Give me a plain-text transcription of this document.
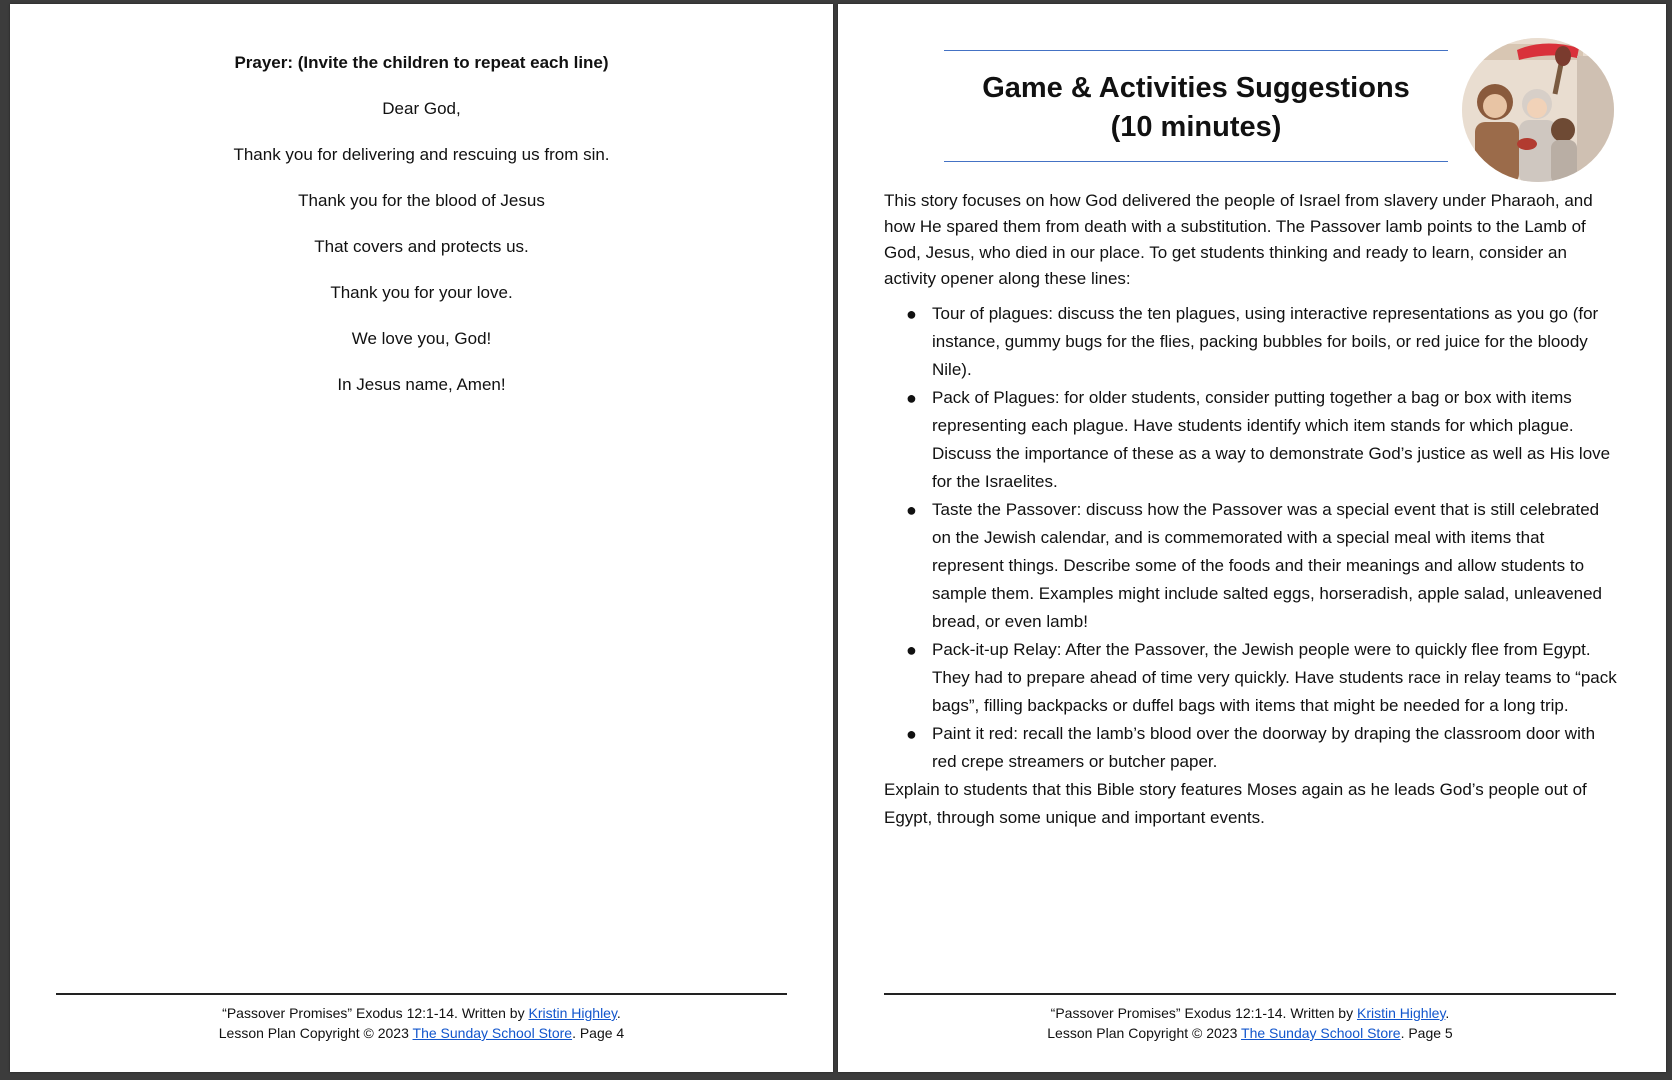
Prayer: (Invite the children to repeat each line)

Dear God,

Thank you for delivering and rescuing us from sin.

Thank you for the blood of Jesus

That covers and protects us.

Thank you for your love.

We love you, God!

In Jesus name, Amen!

“Passover Promises” Exodus 12:1-14. Written by Kristin Highley.
Lesson Plan Copyright © 2023 The Sunday School Store. Page 4
Game & Activities Suggestions
(10 minutes)

This story focuses on how God delivered the people of Israel from slavery under Pharaoh, and how He spared them from death with a substitution. The Passover lamb points to the Lamb of God, Jesus, who died in our place. To get students thinking and ready to learn, consider an activity opener along these lines:

● Tour of plagues: discuss the ten plagues, using interactive representations as you go (for instance, gummy bugs for the flies, packing bubbles for boils, or red juice for the bloody Nile).
● Pack of Plagues: for older students, consider putting together a bag or box with items representing each plague. Have students identify which item stands for which plague. Discuss the importance of these as a way to demonstrate God’s justice as well as His love for the Israelites.
● Taste the Passover: discuss how the Passover was a special event that is still celebrated on the Jewish calendar, and is commemorated with a special meal with items that represent things. Describe some of the foods and their meanings and allow students to sample them. Examples might include salted eggs, horseradish, apple salad, unleavened bread, or even lamb!
● Pack-it-up Relay: After the Passover, the Jewish people were to quickly flee from Egypt. They had to prepare ahead of time very quickly. Have students race in relay teams to “pack bags”, filling backpacks or duffel bags with items that might be needed for a long trip.
● Paint it red: recall the lamb’s blood over the doorway by draping the classroom door with red crepe streamers or butcher paper.

Explain to students that this Bible story features Moses again as he leads God’s people out of Egypt, through some unique and important events.

“Passover Promises” Exodus 12:1-14. Written by Kristin Highley.
Lesson Plan Copyright © 2023 The Sunday School Store. Page 5
